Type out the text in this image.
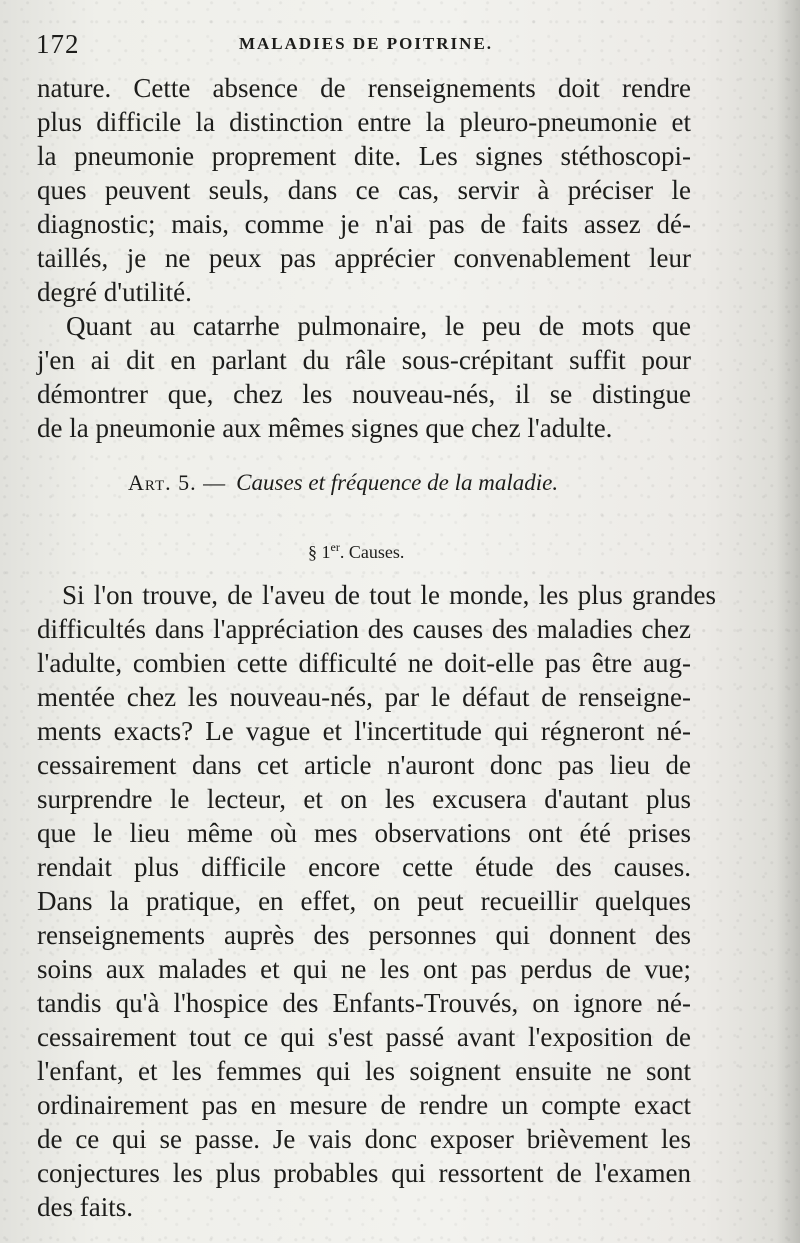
172	MALADIES DE POITRINE.
nature. Cette absence de renseignements doit rendre
plus difficile la distinction entre la pleuro-pneumonie et
la pneumonie proprement dite. Les signes stéthoscopi-
ques peuvent seuls, dans ce cas, servir à préciser le
diagnostic; mais, comme je n'ai pas de faits assez dé-
taillés, je ne peux pas apprécier convenablement leur
degré d'utilité.
Quant au catarrhe pulmonaire, le peu de mots que
j'en ai dit en parlant du râle sous-crépitant suffit pour
démontrer que, chez les nouveau-nés, il se distingue
de la pneumonie aux mêmes signes que chez l'adulte.
Art. 5. — Causes et fréquence de la maladie.
§ 1er. Causes.
Si l'on trouve, de l'aveu de tout le monde, les plus grandes
difficultés dans l'appréciation des causes des maladies chez
l'adulte, combien cette difficulté ne doit-elle pas être aug-
mentée chez les nouveau-nés, par le défaut de renseigne-
ments exacts? Le vague et l'incertitude qui régneront né-
cessairement dans cet article n'auront donc pas lieu de
surprendre le lecteur, et on les excusera d'autant plus
que le lieu même où mes observations ont été prises
rendait plus difficile encore cette étude des causes.
Dans la pratique, en effet, on peut recueillir quelques
renseignements auprès des personnes qui donnent des
soins aux malades et qui ne les ont pas perdus de vue;
tandis qu'à l'hospice des Enfants-Trouvés, on ignore né-
cessairement tout ce qui s'est passé avant l'exposition de
l'enfant, et les femmes qui les soignent ensuite ne sont
ordinairement pas en mesure de rendre un compte exact
de ce qui se passe. Je vais donc exposer brièvement les
conjectures les plus probables qui ressortent de l'examen
des faits.
